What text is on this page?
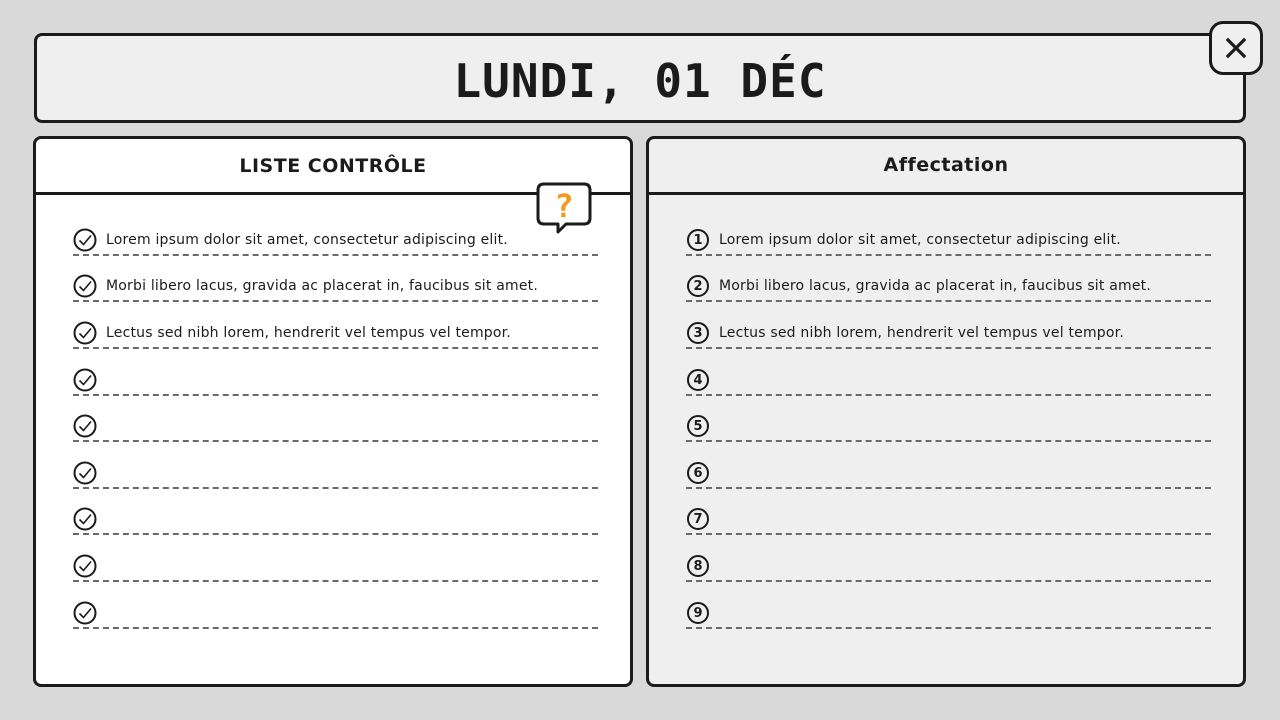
LUNDI, 01 DÉC
LISTE CONTRÔLE
Lorem ipsum dolor sit amet, consectetur adipiscing elit.
Morbi libero lacus, gravida ac placerat in, faucibus sit amet.
Lectus sed nibh lorem, hendrerit vel tempus vel tempor.
Affectation
1	Lorem ipsum dolor sit amet, consectetur adipiscing elit.
2	Morbi libero lacus, gravida ac placerat in, faucibus sit amet.
3	Lectus sed nibh lorem, hendrerit vel tempus vel tempor.
4
5
6
7
8
9
?
